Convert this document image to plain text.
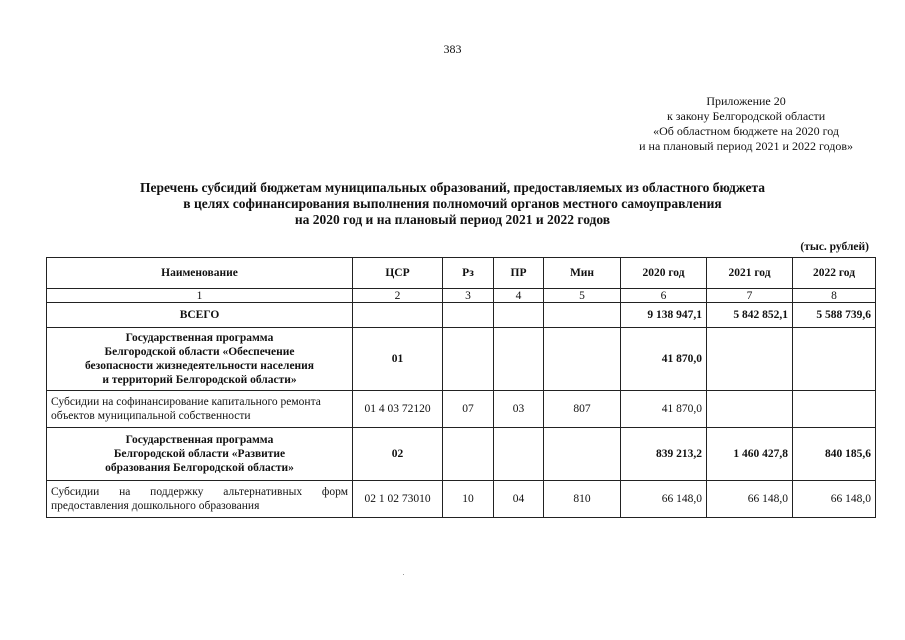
383
Приложение 20
к закону Белгородской области
«Об областном бюджете на 2020 год
и на плановый период 2021 и 2022 годов»
Перечень субсидий бюджетам муниципальных образований, предоставляемых из областного бюджета
в целях софинансирования выполнения полномочий органов местного самоуправления
на 2020 год и на плановый период 2021 и 2022 годов
(тыс. рублей)
Наименование	ЦСР	Рз	ПР	Мин	2020 год	2021 год	2022 год
1	2	3	4	5	6	7	8
ВСЕГО					9 138 947,1	5 842 852,1	5 588 739,6

Государственная программа
Белгородской области «Обеспечение
безопасности жизнедеятельности населения
и территорий Белгородской области»	01				41 870,0		
Субсидии на софинансирование капитального ремонта объектов муниципальной собственности	01 4 03 72120	07	03	807	41 870,0		

Государственная программа
Белгородской области «Развитие
образования Белгородской области»	02				839 213,2	1 460 427,8	840 185,6
Субсидии на поддержку альтернативных форм предоставления дошкольного образования	02 1 02 73010	10	04	810	66 148,0	66 148,0	66 148,0
